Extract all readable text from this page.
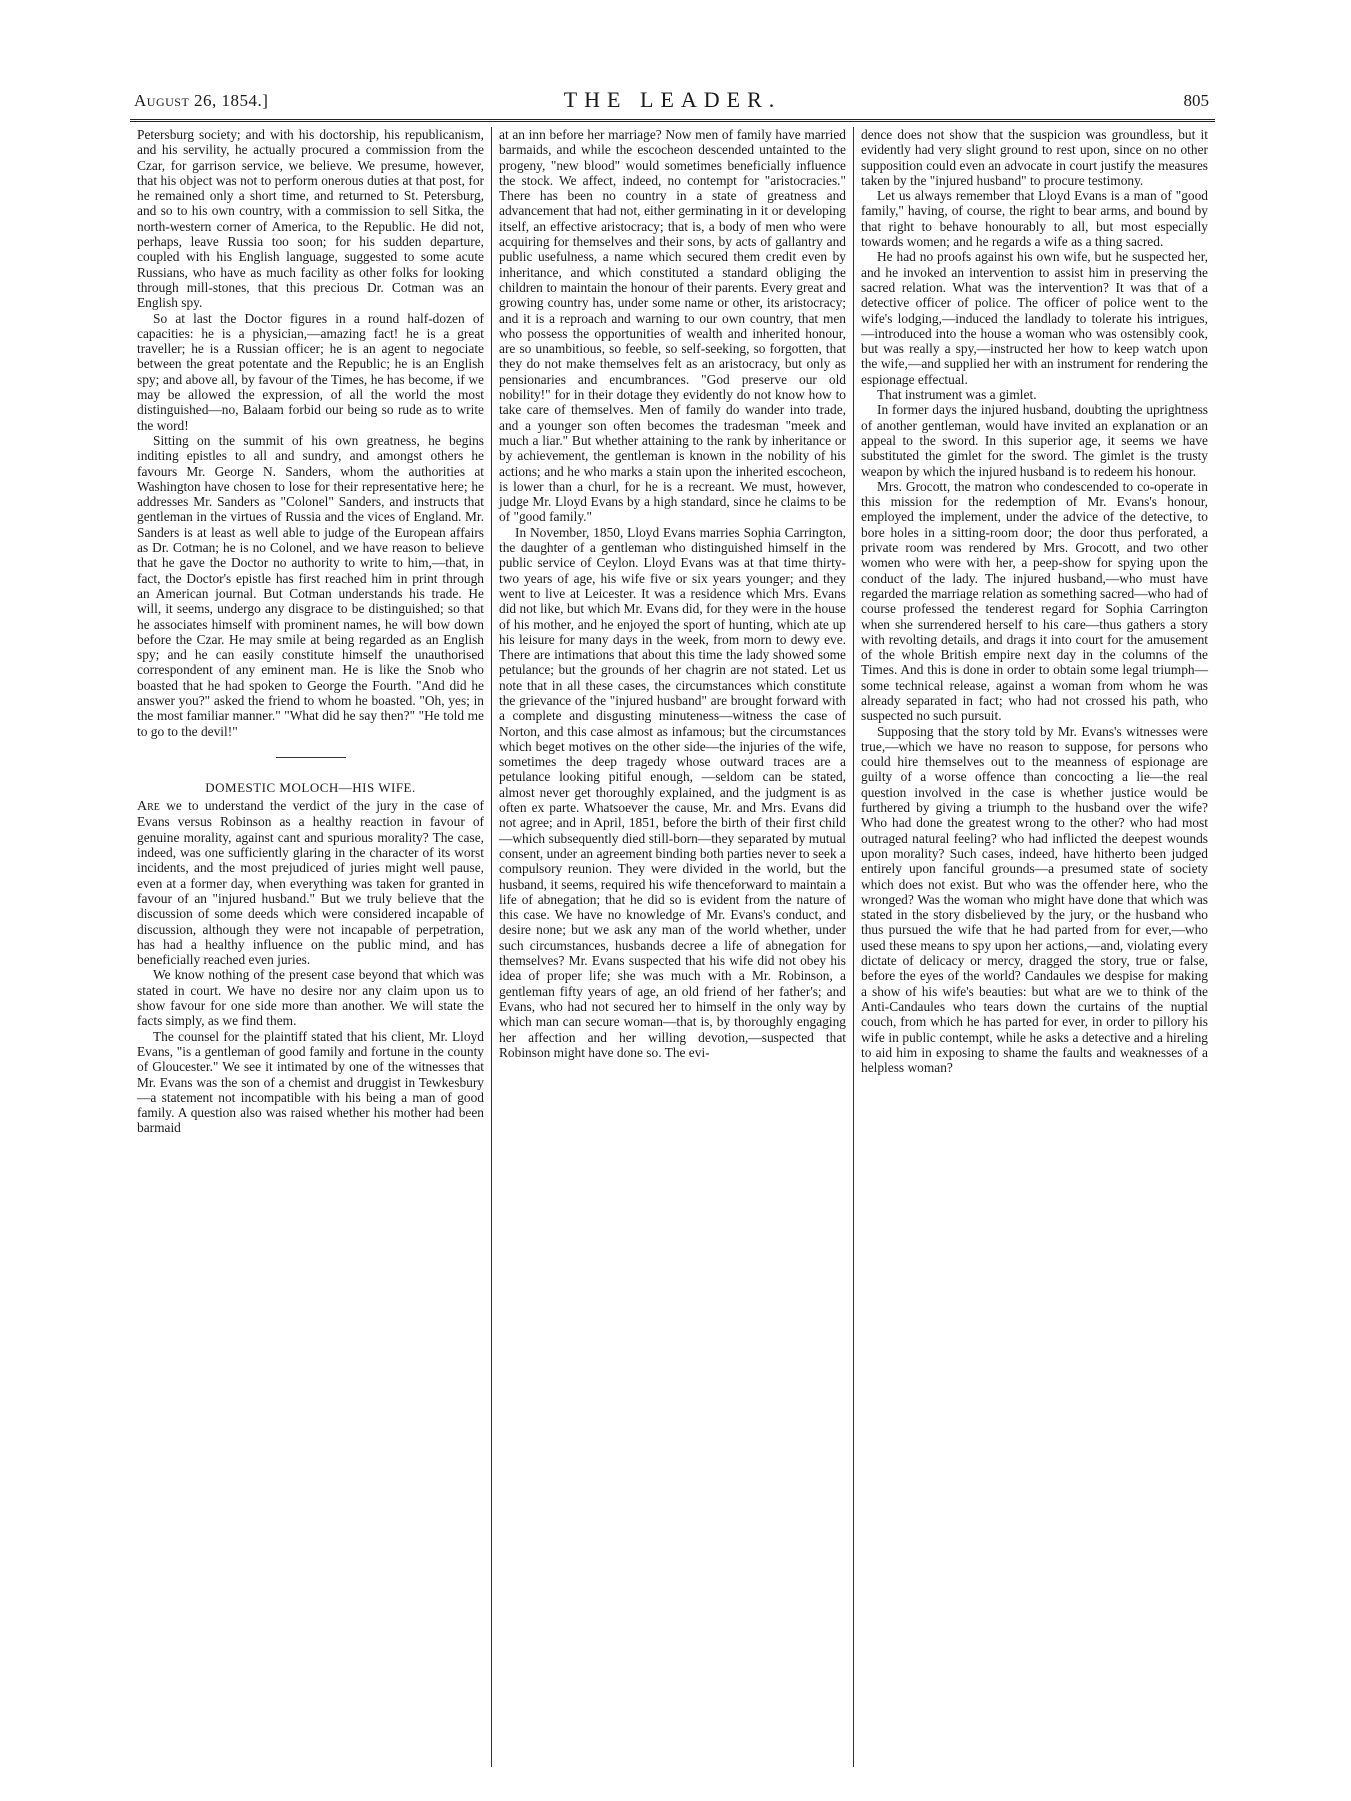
August 26, 1854.]	THE LEADER.	805

Petersburg society; and with his doctorship, his republicanism, and his servility, he actually procured a commission from the Czar, for garrison service, we believe. We presume, however, that his object was not to perform onerous duties at that post, for he remained only a short time, and returned to St. Petersburg, and so to his own country, with a commission to sell Sitka, the north-western corner of America, to the Republic. He did not, perhaps, leave Russia too soon; for his sudden departure, coupled with his English language, suggested to some acute Russians, who have as much facility as other folks for looking through mill-stones, that this precious Dr. Cotman was an English spy.

So at last the Doctor figures in a round half-dozen of capacities: he is a physician,—amazing fact! he is a great traveller; he is a Russian officer; he is an agent to negociate between the great potentate and the Republic; he is an English spy; and above all, by favour of the Times, he has become, if we may be allowed the expression, of all the world the most distinguished—no, Balaam forbid our being so rude as to write the word!

Sitting on the summit of his own greatness, he begins inditing epistles to all and sundry, and amongst others he favours Mr. George N. Sanders, whom the authorities at Washington have chosen to lose for their representative here; he addresses Mr. Sanders as "Colonel" Sanders, and instructs that gentleman in the virtues of Russia and the vices of England. Mr. Sanders is at least as well able to judge of the European affairs as Dr. Cotman; he is no Colonel, and we have reason to believe that he gave the Doctor no authority to write to him,—that, in fact, the Doctor's epistle has first reached him in print through an American journal. But Cotman understands his trade. He will, it seems, undergo any disgrace to be distinguished; so that he associates himself with prominent names, he will bow down before the Czar. He may smile at being regarded as an English spy; and he can easily constitute himself the unauthorised correspondent of any eminent man. He is like the Snob who boasted that he had spoken to George the Fourth. "And did he answer you?" asked the friend to whom he boasted. "Oh, yes; in the most familiar manner." "What did he say then?" "He told me to go to the devil!"

DOMESTIC MOLOCH—HIS WIFE.

Are we to understand the verdict of the jury in the case of Evans versus Robinson as a healthy reaction in favour of genuine morality, against cant and spurious morality? The case, indeed, was one sufficiently glaring in the character of its worst incidents, and the most prejudiced of juries might well pause, even at a former day, when everything was taken for granted in favour of an "injured husband." But we truly believe that the discussion of some deeds which were considered incapable of discussion, although they were not incapable of perpetration, has had a healthy influence on the public mind, and has beneficially reached even juries.

We know nothing of the present case beyond that which was stated in court. We have no desire nor any claim upon us to show favour for one side more than another. We will state the facts simply, as we find them.

The counsel for the plaintiff stated that his client, Mr. Lloyd Evans, "is a gentleman of good family and fortune in the county of Gloucester." We see it intimated by one of the witnesses that Mr. Evans was the son of a chemist and druggist in Tewkesbury—a statement not incompatible with his being a man of good family. A question also was raised whether his mother had been barmaid

at an inn before her marriage? Now men of family have married barmaids, and while the escocheon descended untainted to the progeny, "new blood" would sometimes beneficially influence the stock. We affect, indeed, no contempt for "aristocracies." There has been no country in a state of greatness and advancement that had not, either germinating in it or developing itself, an effective aristocracy; that is, a body of men who were acquiring for themselves and their sons, by acts of gallantry and public usefulness, a name which secured them credit even by inheritance, and which constituted a standard obliging the children to maintain the honour of their parents. Every great and growing country has, under some name or other, its aristocracy; and it is a reproach and warning to our own country, that men who possess the opportunities of wealth and inherited honour, are so unambitious, so feeble, so self-seeking, so forgotten, that they do not make themselves felt as an aristocracy, but only as pensionaries and encumbrances. "God preserve our old nobility!" for in their dotage they evidently do not know how to take care of themselves. Men of family do wander into trade, and a younger son often becomes the tradesman "meek and much a liar." But whether attaining to the rank by inheritance or by achievement, the gentleman is known in the nobility of his actions; and he who marks a stain upon the inherited escocheon, is lower than a churl, for he is a recreant. We must, however, judge Mr. Lloyd Evans by a high standard, since he claims to be of "good family."

In November, 1850, Lloyd Evans marries Sophia Carrington, the daughter of a gentleman who distinguished himself in the public service of Ceylon. Lloyd Evans was at that time thirty-two years of age, his wife five or six years younger; and they went to live at Leicester. It was a residence which Mrs. Evans did not like, but which Mr. Evans did, for they were in the house of his mother, and he enjoyed the sport of hunting, which ate up his leisure for many days in the week, from morn to dewy eve. There are intimations that about this time the lady showed some petulance; but the grounds of her chagrin are not stated. Let us note that in all these cases, the circumstances which constitute the grievance of the "injured husband" are brought forward with a complete and disgusting minuteness—witness the case of Norton, and this case almost as infamous; but the circumstances which beget motives on the other side—the injuries of the wife, sometimes the deep tragedy whose outward traces are a petulance looking pitiful enough, —seldom can be stated, almost never get thoroughly explained, and the judgment is as often ex parte. Whatsoever the cause, Mr. and Mrs. Evans did not agree; and in April, 1851, before the birth of their first child—which subsequently died still-born—they separated by mutual consent, under an agreement binding both parties never to seek a compulsory reunion. They were divided in the world, but the husband, it seems, required his wife thenceforward to maintain a life of abnegation; that he did so is evident from the nature of this case. We have no knowledge of Mr. Evans's conduct, and desire none; but we ask any man of the world whether, under such circumstances, husbands decree a life of abnegation for themselves? Mr. Evans suspected that his wife did not obey his idea of proper life; she was much with a Mr. Robinson, a gentleman fifty years of age, an old friend of her father's; and Evans, who had not secured her to himself in the only way by which man can secure woman—that is, by thoroughly engaging her affection and her willing devotion,—suspected that Robinson might have done so. The evi-

dence does not show that the suspicion was groundless, but it evidently had very slight ground to rest upon, since on no other supposition could even an advocate in court justify the measures taken by the "injured husband" to procure testimony.

Let us always remember that Lloyd Evans is a man of "good family," having, of course, the right to bear arms, and bound by that right to behave honourably to all, but most especially towards women; and he regards a wife as a thing sacred.

He had no proofs against his own wife, but he suspected her, and he invoked an intervention to assist him in preserving the sacred relation. What was the intervention? It was that of a detective officer of police. The officer of police went to the wife's lodging,—induced the landlady to tolerate his intrigues,—introduced into the house a woman who was ostensibly cook, but was really a spy,—instructed her how to keep watch upon the wife,—and supplied her with an instrument for rendering the espionage effectual.

That instrument was a gimlet.

In former days the injured husband, doubting the uprightness of another gentleman, would have invited an explanation or an appeal to the sword. In this superior age, it seems we have substituted the gimlet for the sword. The gimlet is the trusty weapon by which the injured husband is to redeem his honour.

Mrs. Grocott, the matron who condescended to co-operate in this mission for the redemption of Mr. Evans's honour, employed the implement, under the advice of the detective, to bore holes in a sitting-room door; the door thus perforated, a private room was rendered by Mrs. Grocott, and two other women who were with her, a peep-show for spying upon the conduct of the lady. The injured husband,—who must have regarded the marriage relation as something sacred—who had of course professed the tenderest regard for Sophia Carrington when she surrendered herself to his care—thus gathers a story with revolting details, and drags it into court for the amusement of the whole British empire next day in the columns of the Times. And this is done in order to obtain some legal triumph—some technical release, against a woman from whom he was already separated in fact; who had not crossed his path, who suspected no such pursuit.

Supposing that the story told by Mr. Evans's witnesses were true,—which we have no reason to suppose, for persons who could hire themselves out to the meanness of espionage are guilty of a worse offence than concocting a lie—the real question involved in the case is whether justice would be furthered by giving a triumph to the husband over the wife? Who had done the greatest wrong to the other? who had most outraged natural feeling? who had inflicted the deepest wounds upon morality? Such cases, indeed, have hitherto been judged entirely upon fanciful grounds—a presumed state of society which does not exist. But who was the offender here, who the wronged? Was the woman who might have done that which was stated in the story disbelieved by the jury, or the husband who thus pursued the wife that he had parted from for ever,—who used these means to spy upon her actions,—and, violating every dictate of delicacy or mercy, dragged the story, true or false, before the eyes of the world? Candaules we despise for making a show of his wife's beauties: but what are we to think of the Anti-Candaules who tears down the curtains of the nuptial couch, from which he has parted for ever, in order to pillory his wife in public contempt, while he asks a detective and a hireling to aid him in exposing to shame the faults and weaknesses of a helpless woman?
